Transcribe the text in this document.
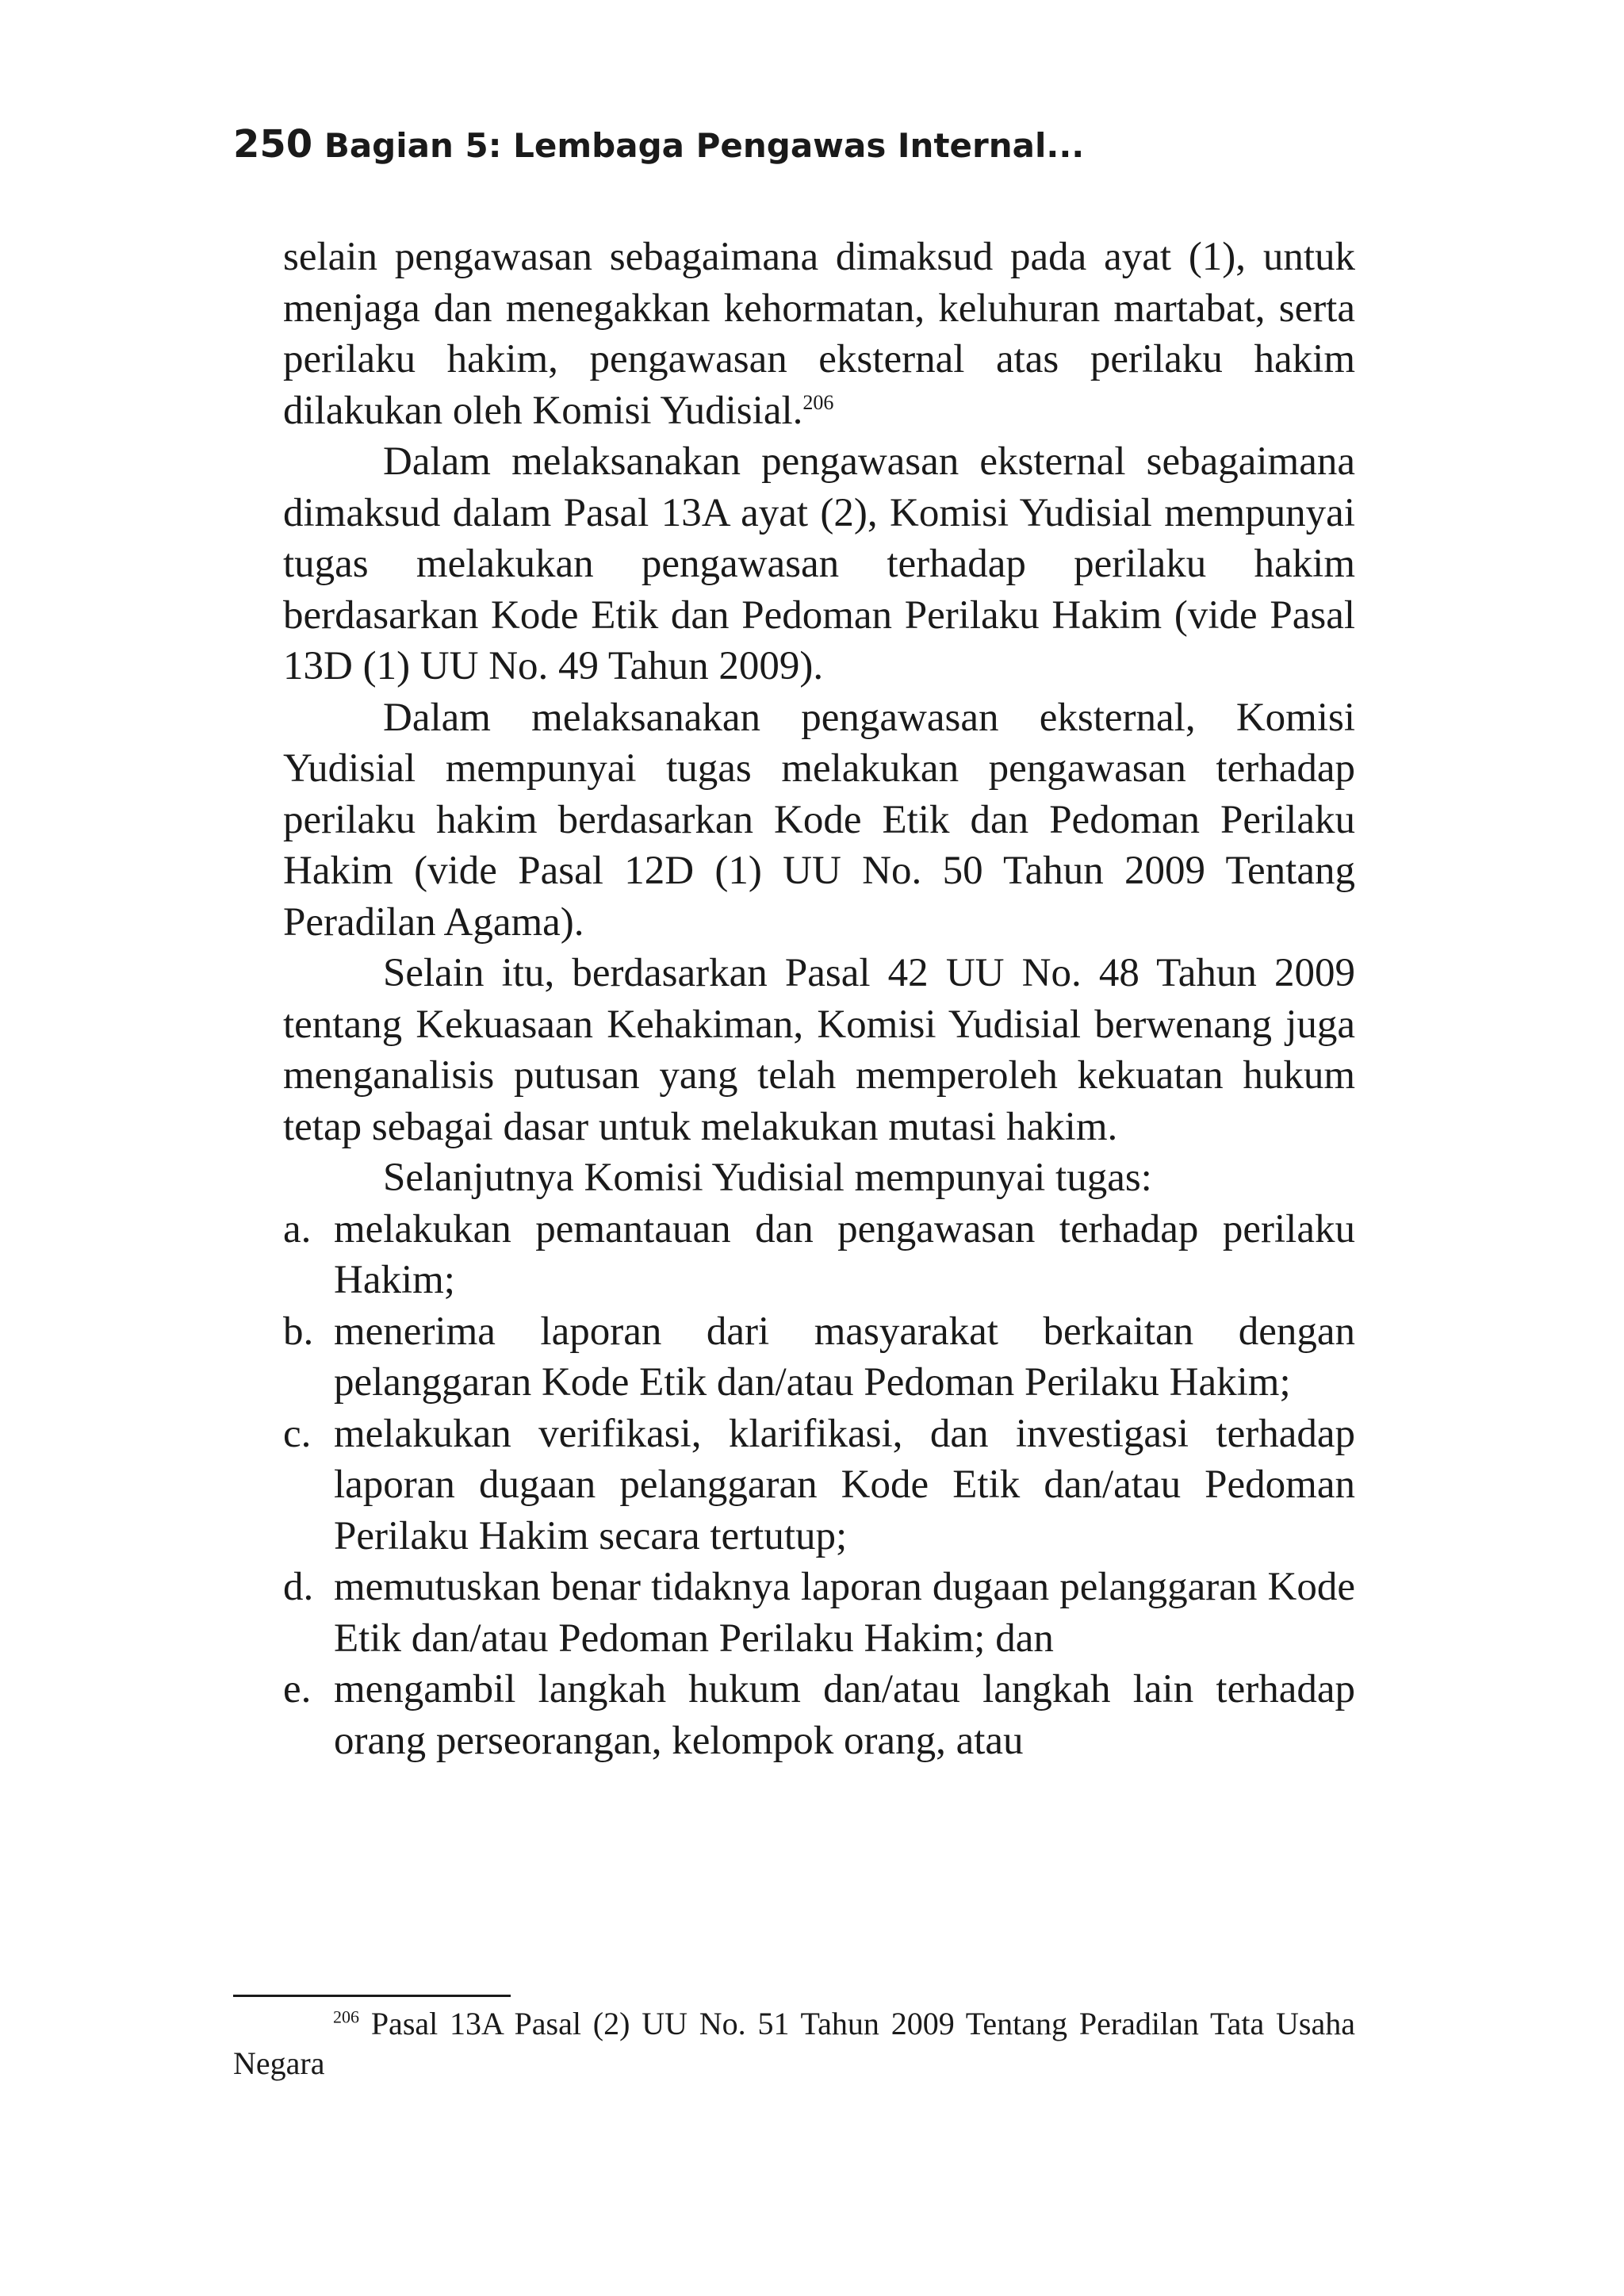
250 Bagian 5: Lembaga Pengawas Internal...

selain pengawasan sebagaimana dimaksud pada ayat (1), untuk menjaga dan menegakkan kehormatan, keluhuran martabat, serta perilaku hakim, pengawasan eksternal atas perilaku hakim dilakukan oleh Komisi Yudisial.$^{206}$

Dalam melaksanakan pengawasan eksternal sebagaimana dimaksud dalam Pasal 13A ayat (2), Komisi Yudisial mempunyai tugas melakukan pengawasan terhadap perilaku hakim berdasarkan Kode Etik dan Pedoman Perilaku Hakim (vide Pasal 13D (1) UU No. 49 Tahun 2009).

Dalam melaksanakan pengawasan eksternal, Komisi Yudisial mempunyai tugas melakukan pengawasan terhadap perilaku hakim berdasarkan Kode Etik dan Pedoman Perilaku Hakim (vide Pasal 12D (1) UU No. 50 Tahun 2009 Tentang Peradilan Agama).

Selain itu, berdasarkan Pasal 42 UU No. 48 Tahun 2009 tentang Kekuasaan Kehakiman, Komisi Yudisial berwenang juga menganalisis putusan yang telah memperoleh kekuatan hukum tetap sebagai dasar untuk melakukan mutasi hakim.

Selanjutnya Komisi Yudisial mempunyai tugas:

a. melakukan pemantauan dan pengawasan terhadap perilaku Hakim;
b. menerima laporan dari masyarakat berkaitan dengan pelanggaran Kode Etik dan/atau Pedoman Perilaku Hakim;
c. melakukan verifikasi, klarifikasi, dan investigasi terhadap laporan dugaan pelanggaran Kode Etik dan/atau Pedoman Perilaku Hakim secara tertutup;
d. memutuskan benar tidaknya laporan dugaan pelanggaran Kode Etik dan/atau Pedoman Perilaku Hakim; dan
e. mengambil langkah hukum dan/atau langkah lain terhadap orang perseorangan, kelompok orang, atau
$^{206}$ Pasal 13A Pasal (2) UU No. 51 Tahun 2009 Tentang Peradilan Tata Usaha Negara
